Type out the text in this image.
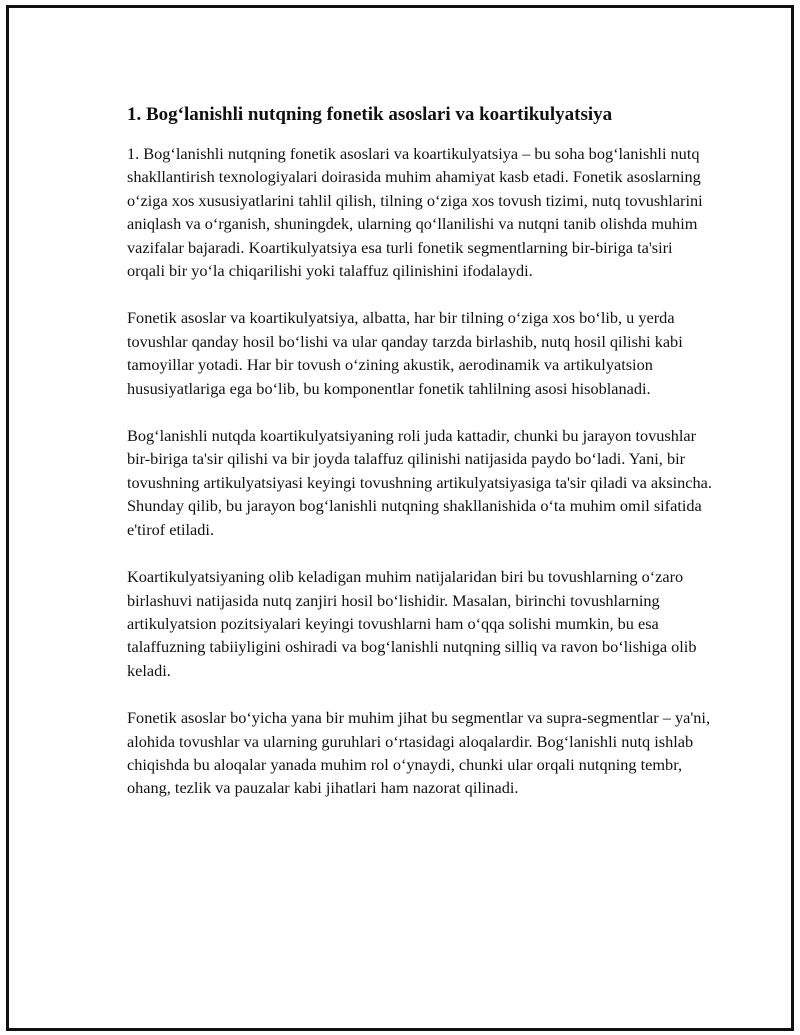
1. Bog‘lanishli nutqning fonetik asoslari va koartikulyatsiya

1. Bog‘lanishli nutqning fonetik asoslari va koartikulyatsiya – bu soha bog‘lanishli nutq shakllantirish texnologiyalari doirasida muhim ahamiyat kasb etadi. Fonetik asoslarning o‘ziga xos xususiyatlarini tahlil qilish, tilning o‘ziga xos tovush tizimi, nutq tovushlarini aniqlash va o‘rganish, shuningdek, ularning qo‘llanilishi va nutqni tanib olishda muhim vazifalar bajaradi. Koartikulyatsiya esa turli fonetik segmentlarning bir-biriga ta'siri orqali bir yo‘la chiqarilishi yoki talaffuz qilinishini ifodalaydi.

Fonetik asoslar va koartikulyatsiya, albatta, har bir tilning o‘ziga xos bo‘lib, u yerda tovushlar qanday hosil bo‘lishi va ular qanday tarzda birlashib, nutq hosil qilishi kabi tamoyillar yotadi. Har bir tovush o‘zining akustik, aerodinamik va artikulyatsion hususiyatlariga ega bo‘lib, bu komponentlar fonetik tahlilning asosi hisoblanadi.

Bog‘lanishli nutqda koartikulyatsiyaning roli juda kattadir, chunki bu jarayon tovushlar bir-biriga ta'sir qilishi va bir joyda talaffuz qilinishi natijasida paydo bo‘ladi. Yani, bir tovushning artikulyatsiyasi keyingi tovushning artikulyatsiyasiga ta'sir qiladi va aksincha. Shunday qilib, bu jarayon bog‘lanishli nutqning shakllanishida o‘ta muhim omil sifatida e'tirof etiladi.

Koartikulyatsiyaning olib keladigan muhim natijalaridan biri bu tovushlarning o‘zaro birlashuvi natijasida nutq zanjiri hosil bo‘lishidir. Masalan, birinchi tovushlarning artikulyatsion pozitsiyalari keyingi tovushlarni ham o‘qqa solishi mumkin, bu esa talaffuzning tabiiyligini oshiradi va bog‘lanishli nutqning silliq va ravon bo‘lishiga olib keladi.

Fonetik asoslar bo‘yicha yana bir muhim jihat bu segmentlar va supra-segmentlar – ya'ni, alohida tovushlar va ularning guruhlari o‘rtasidagi aloqalardir. Bog‘lanishli nutq ishlab chiqishda bu aloqalar yanada muhim rol o‘ynaydi, chunki ular orqali nutqning tembr, ohang, tezlik va pauzalar kabi jihatlari ham nazorat qilinadi.
